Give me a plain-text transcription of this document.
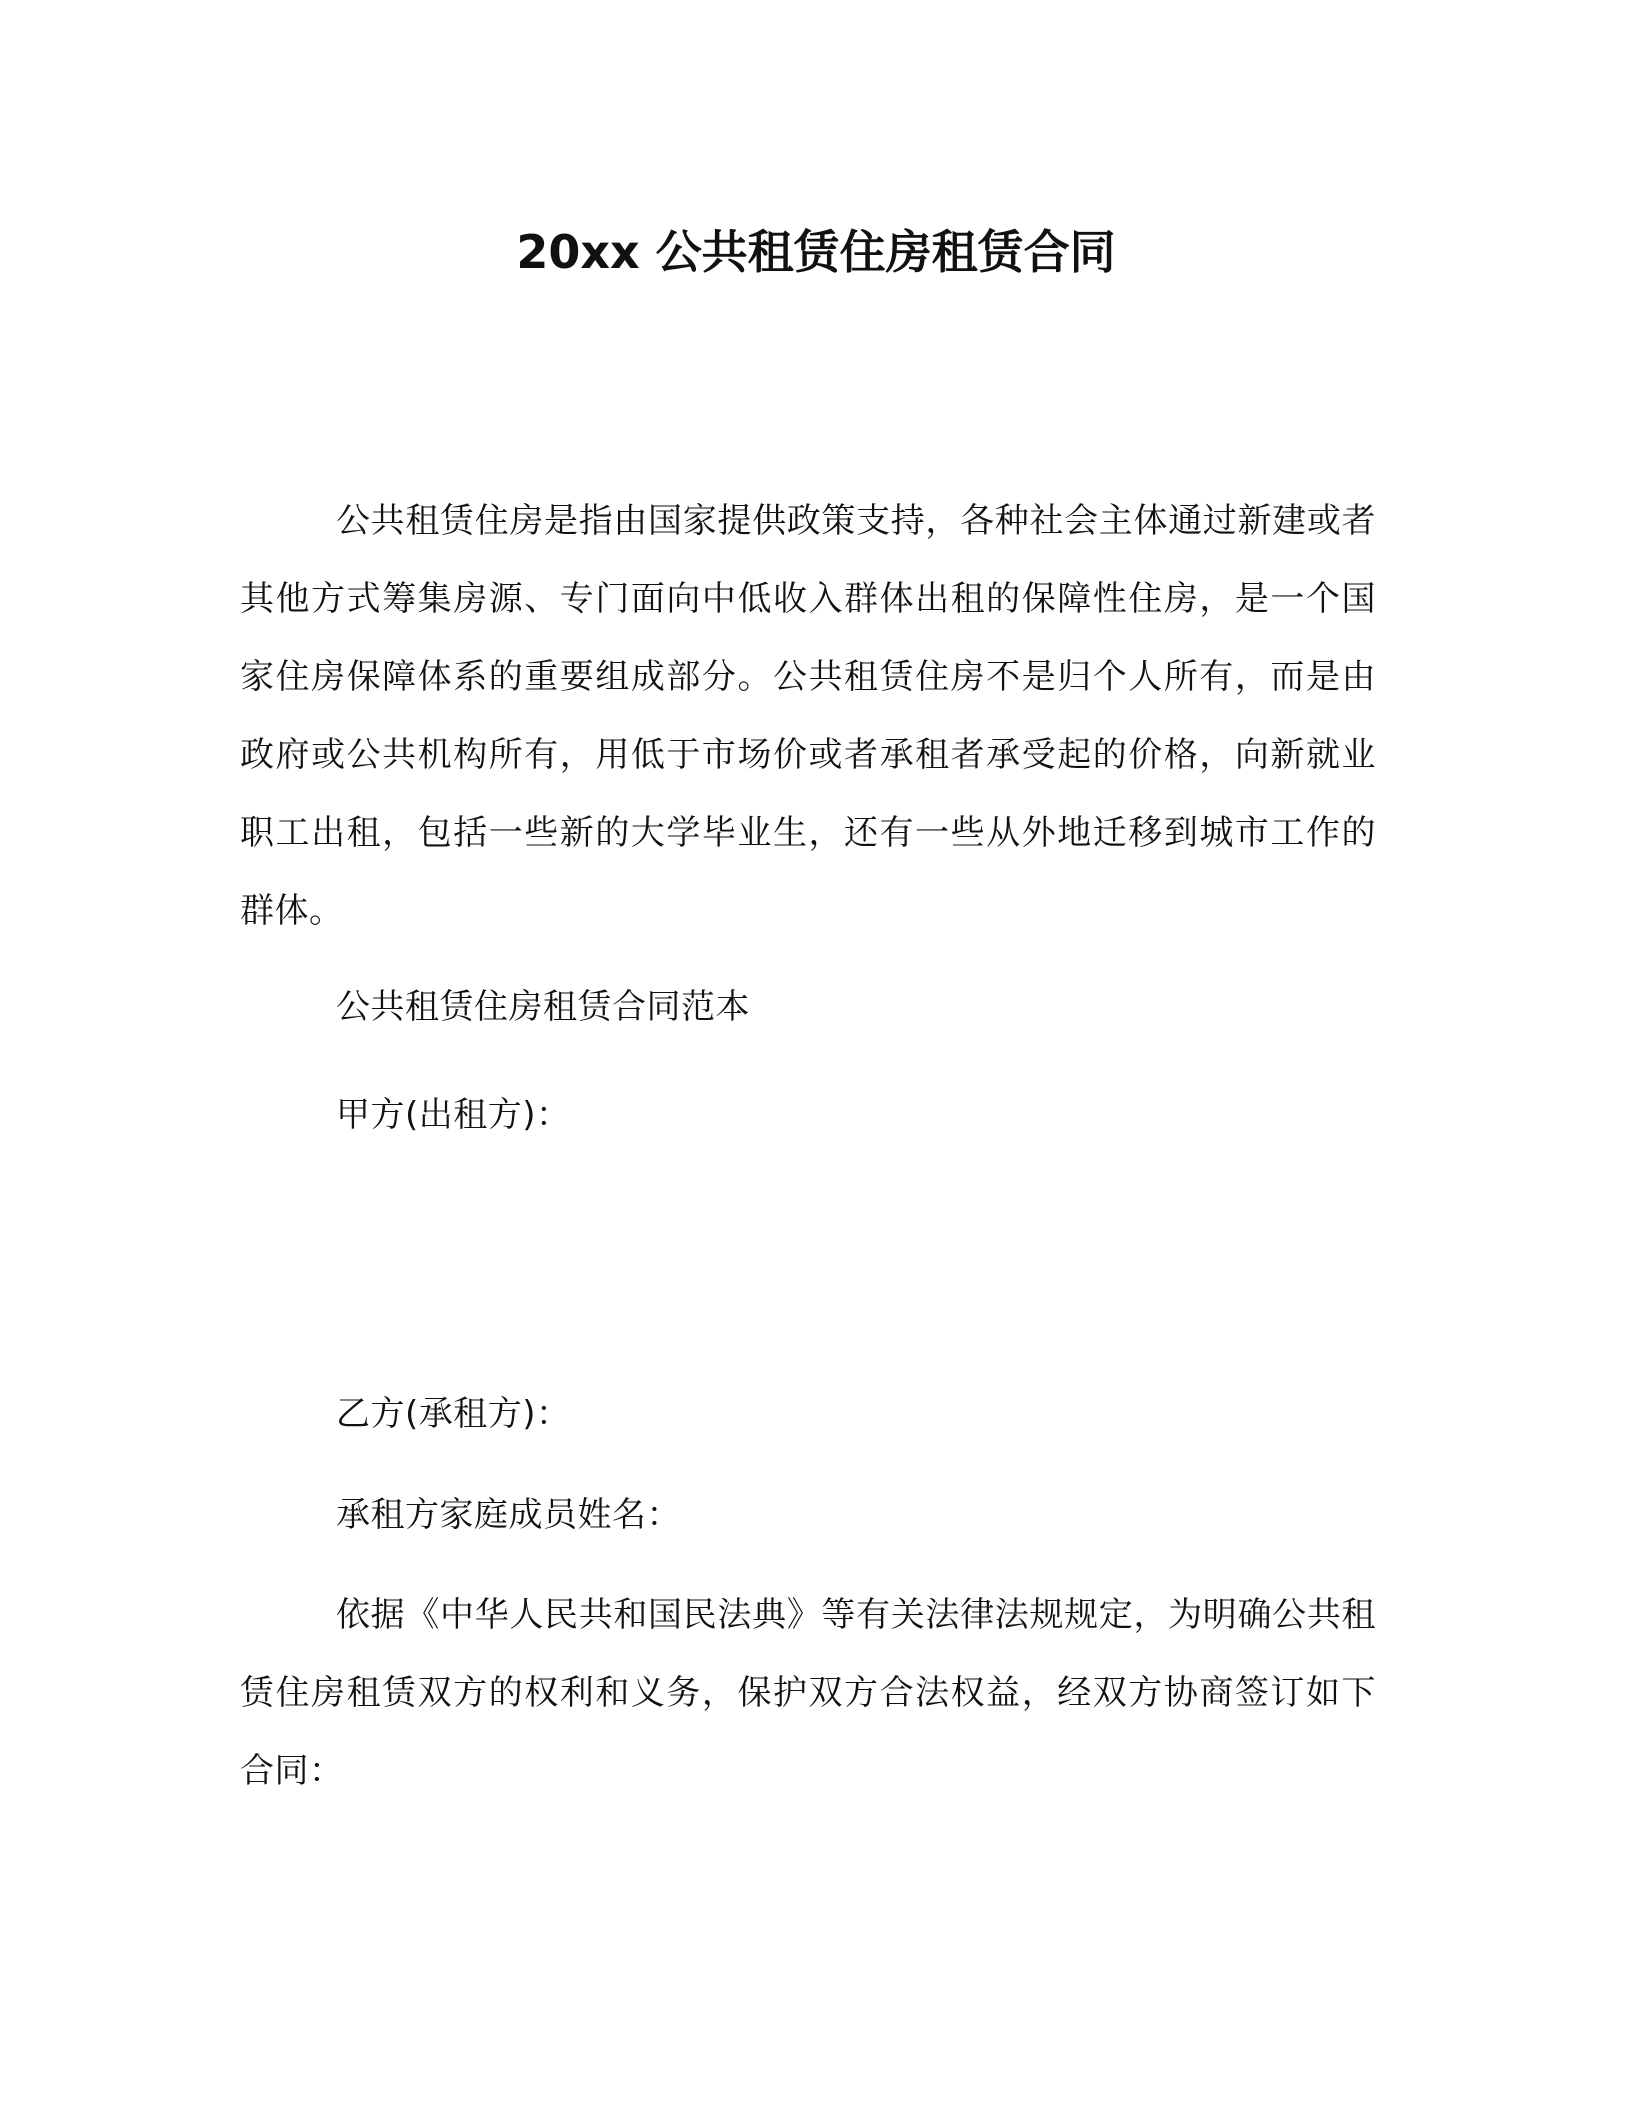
20xx 公共租赁住房租赁合同

公共租赁住房是指由国家提供政策支持，各种社会主体通过新建或者其他方式筹集房源、专门面向中低收入群体出租的保障性住房，是一个国家住房保障体系的重要组成部分。公共租赁住房不是归个人所有，而是由政府或公共机构所有，用低于市场价或者承租者承受起的价格，向新就业职工出租，包括一些新的大学毕业生，还有一些从外地迁移到城市工作的群体。

公共租赁住房租赁合同范本

甲方(出租方)：

乙方(承租方)：

承租方家庭成员姓名：

依据《中华人民共和国民法典》等有关法律法规规定，为明确公共租赁住房租赁双方的权利和义务，保护双方合法权益，经双方协商签订如下合同：
